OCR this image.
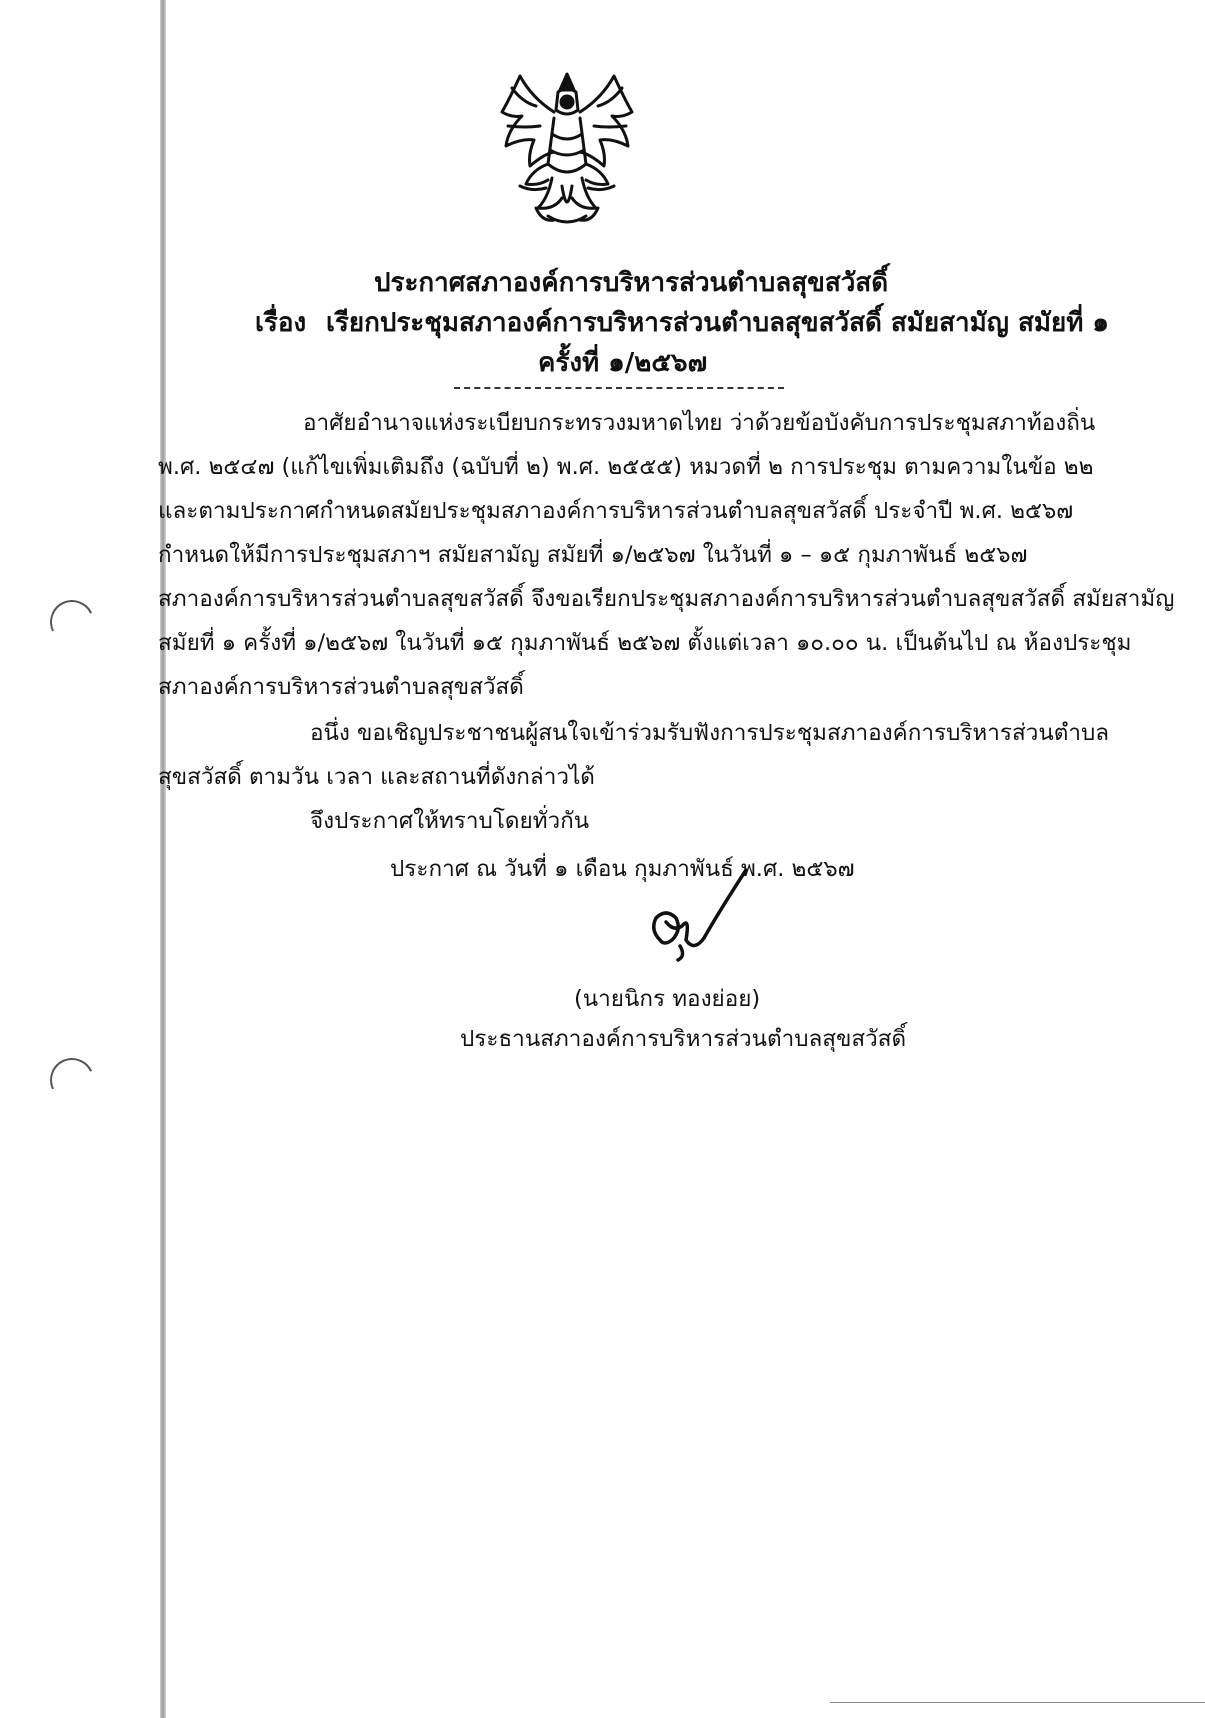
ประกาศสภาองค์การบริหารส่วนตำบลสุขสวัสดิ์
เรื่อง เรียกประชุมสภาองค์การบริหารส่วนตำบลสุขสวัสดิ์ สมัยสามัญ สมัยที่ ๑
ครั้งที่ ๑/๒๕๖๗
อาศัยอำนาจแห่งระเบียบกระทรวงมหาดไทย ว่าด้วยข้อบังคับการประชุมสภาท้องถิ่น
พ.ศ. ๒๕๔๗ (แก้ไขเพิ่มเติมถึง (ฉบับที่ ๒) พ.ศ. ๒๕๕๕) หมวดที่ ๒ การประชุม ตามความในข้อ ๒๒
และตามประกาศกำหนดสมัยประชุมสภาองค์การบริหารส่วนตำบลสุขสวัสดิ์ ประจำปี พ.ศ. ๒๕๖๗
กำหนดให้มีการประชุมสภาฯ สมัยสามัญ สมัยที่ ๑/๒๕๖๗ ในวันที่ ๑ – ๑๕ กุมภาพันธ์ ๒๕๖๗
สภาองค์การบริหารส่วนตำบลสุขสวัสดิ์ จึงขอเรียกประชุมสภาองค์การบริหารส่วนตำบลสุขสวัสดิ์ สมัยสามัญ
สมัยที่ ๑ ครั้งที่ ๑/๒๕๖๗ ในวันที่ ๑๕ กุมภาพันธ์ ๒๕๖๗ ตั้งแต่เวลา ๑๐.๐๐ น. เป็นต้นไป ณ ห้องประชุม
สภาองค์การบริหารส่วนตำบลสุขสวัสดิ์
อนึ่ง ขอเชิญประชาชนผู้สนใจเข้าร่วมรับฟังการประชุมสภาองค์การบริหารส่วนตำบล
สุขสวัสดิ์ ตามวัน เวลา และสถานที่ดังกล่าวได้
จึงประกาศให้ทราบโดยทั่วกัน
ประกาศ ณ วันที่ ๑ เดือน กุมภาพันธ์ พ.ศ. ๒๕๖๗
(นายนิกร ทองย่อย)
ประธานสภาองค์การบริหารส่วนตำบลสุขสวัสดิ์
